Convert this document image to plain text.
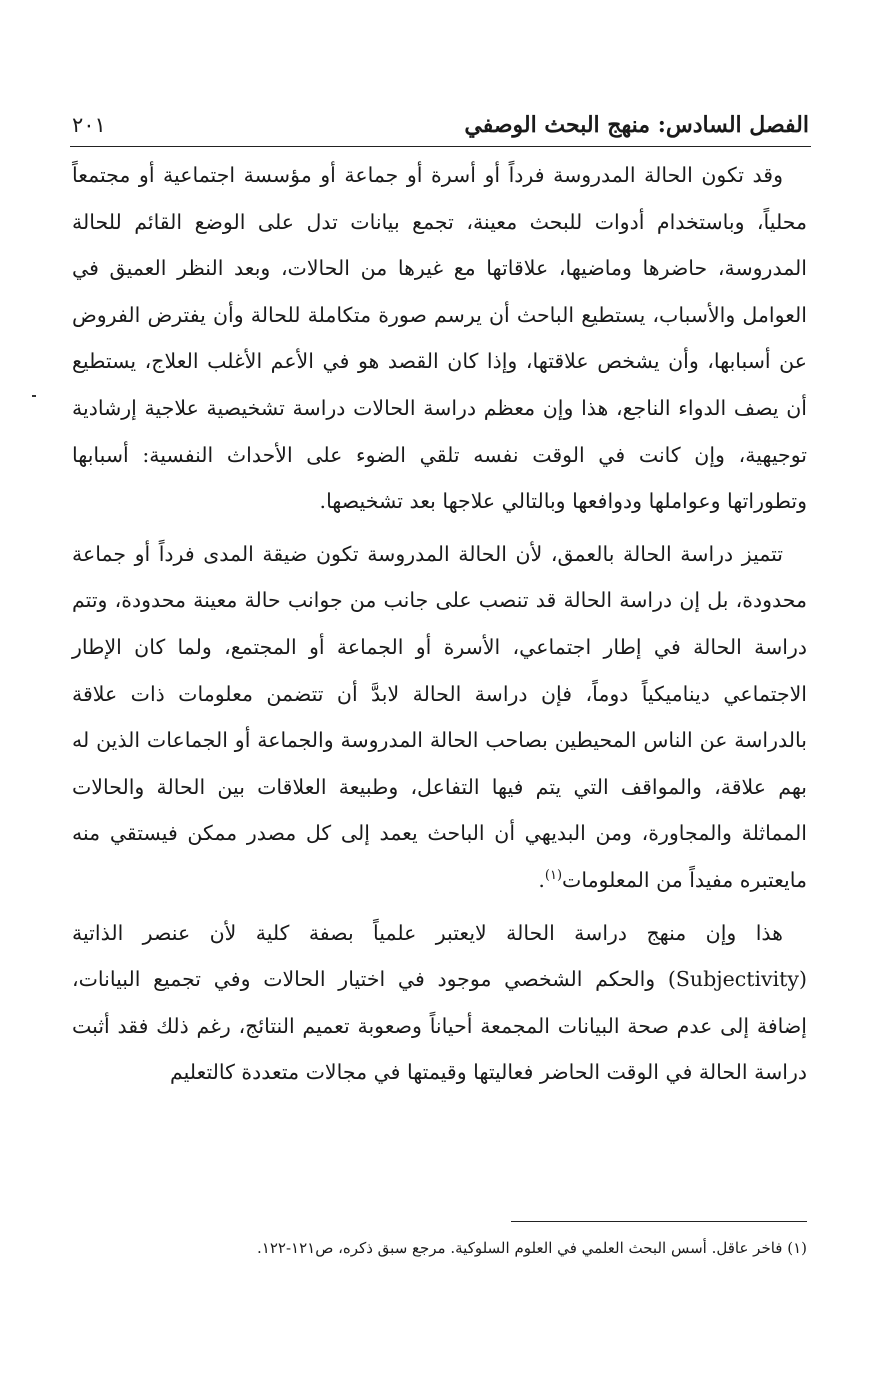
الفصل السادس: منهج البحث الوصفي
٢٠١

وقد تكون الحالة المدروسة فرداً أو أسرة أو جماعة أو مؤسسة اجتماعية أو مجتمعاً محلياً، وباستخدام أدوات للبحث معينة، تجمع بيانات تدل على الوضع القائم للحالة المدروسة، حاضرها وماضيها، علاقاتها مع غيرها من الحالات، وبعد النظر العميق في العوامل والأسباب، يستطيع الباحث أن يرسم صورة متكاملة للحالة وأن يفترض الفروض عن أسبابها، وأن يشخص علاقتها، وإذا كان القصد هو في الأعم الأغلب العلاج، يستطيع أن يصف الدواء الناجع، هذا وإن معظم دراسة الحالات دراسة تشخيصية علاجية إرشادية توجيهية، وإن كانت في الوقت نفسه تلقي الضوء على الأحداث النفسية: أسبابها وتطوراتها وعواملها ودوافعها وبالتالي علاجها بعد تشخيصها.

تتميز دراسة الحالة بالعمق، لأن الحالة المدروسة تكون ضيقة المدى فرداً أو جماعة محدودة، بل إن دراسة الحالة قد تنصب على جانب من جوانب حالة معينة محدودة، وتتم دراسة الحالة في إطار اجتماعي، الأسرة أو الجماعة أو المجتمع، ولما كان الإطار الاجتماعي ديناميكياً دوماً، فإن دراسة الحالة لابدَّ أن تتضمن معلومات ذات علاقة بالدراسة عن الناس المحيطين بصاحب الحالة المدروسة والجماعة أو الجماعات الذين له بهم علاقة، والمواقف التي يتم فيها التفاعل، وطبيعة العلاقات بين الحالة والحالات المماثلة والمجاورة، ومن البديهي أن الباحث يعمد إلى كل مصدر ممكن فيستقي منه مايعتبره مفيداً من المعلومات$^{(١)}$.

هذا وإن منهج دراسة الحالة لايعتبر علمياً بصفة كلية لأن عنصر الذاتية (Subjectivity) والحكم الشخصي موجود في اختيار الحالات وفي تجميع البيانات، إضافة إلى عدم صحة البيانات المجمعة أحياناً وصعوبة تعميم النتائج، رغم ذلك فقد أثبت دراسة الحالة في الوقت الحاضر فعاليتها وقيمتها في مجالات متعددة كالتعليم

(١) فاخر عاقل. أسس البحث العلمي في العلوم السلوكية. مرجع سبق ذكره، ص١٢١-١٢٢.
